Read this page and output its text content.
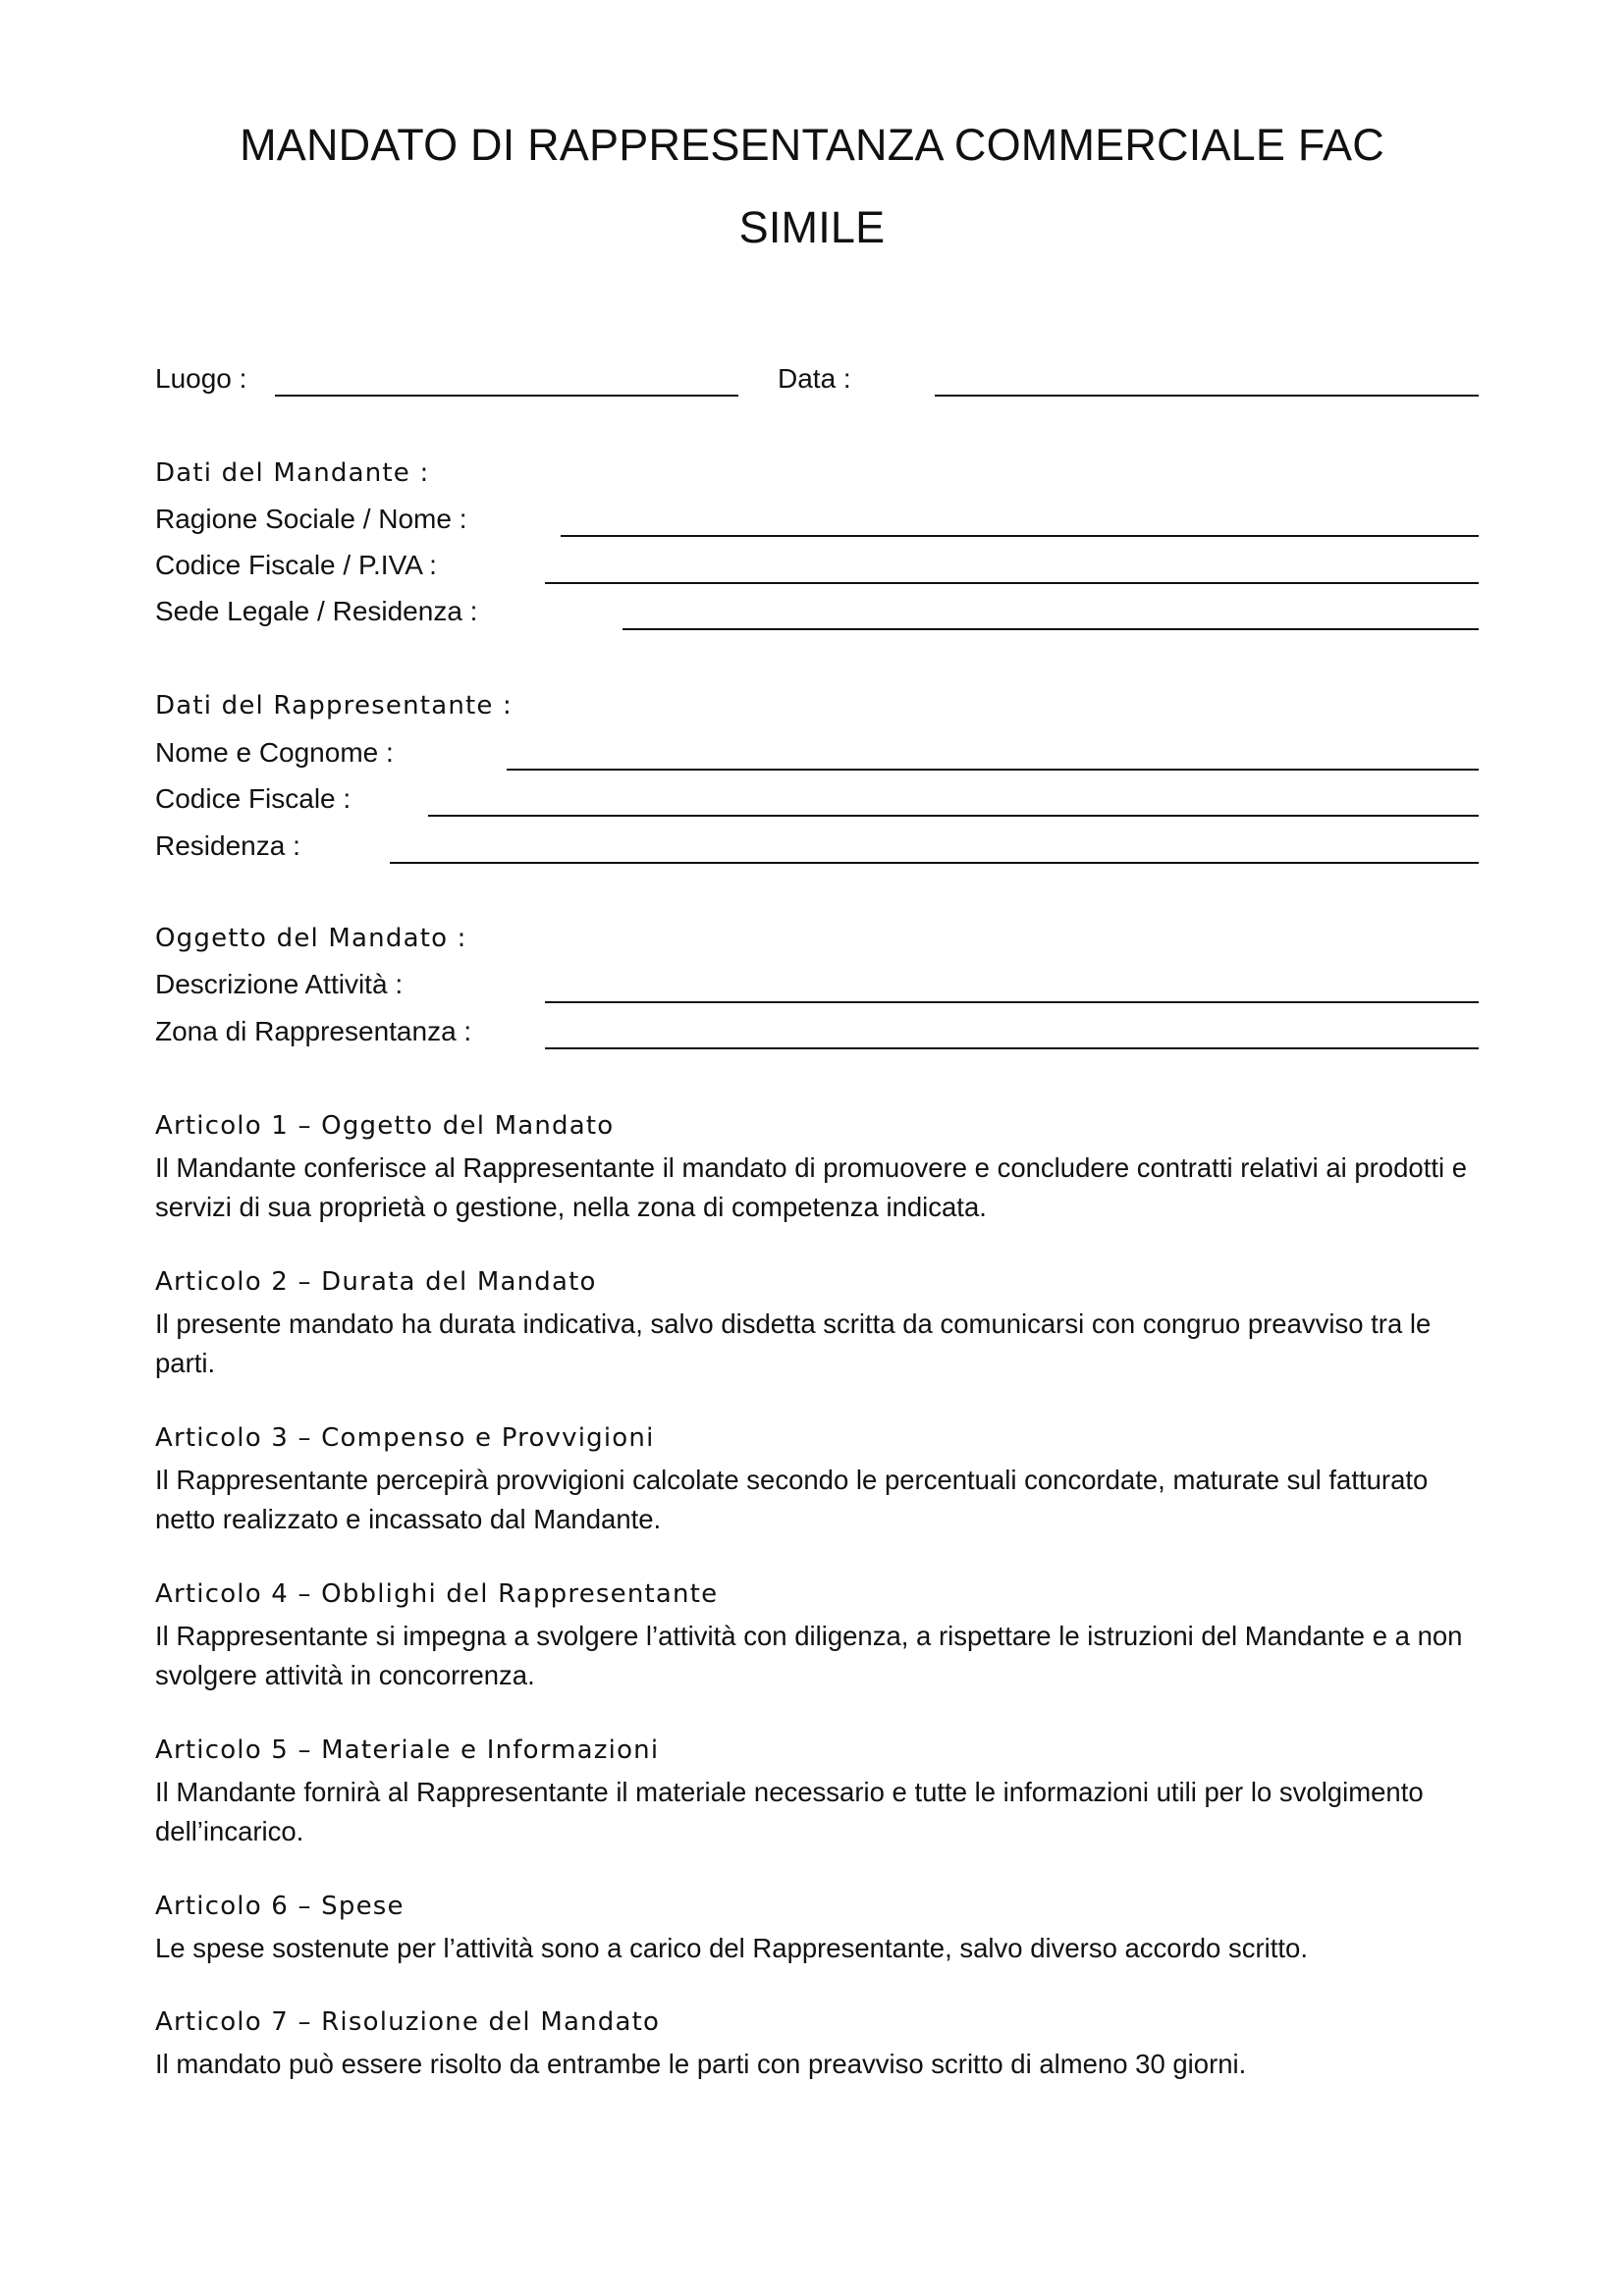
MANDATO DI RAPPRESENTANZA COMMERCIALE FAC
SIMILE
Luogo :	Data :
Dati del Mandante :
Ragione Sociale / Nome :
Codice Fiscale / P.IVA :
Sede Legale / Residenza :
Dati del Rappresentante :
Nome e Cognome :
Codice Fiscale :
Residenza :
Oggetto del Mandato :
Descrizione Attività :
Zona di Rappresentanza :

Articolo 1 – Oggetto del Mandato

Il Mandante conferisce al Rappresentante il mandato di promuovere e concludere contratti relativi ai prodotti e servizi di sua proprietà o gestione, nella zona di competenza indicata.

Articolo 2 – Durata del Mandato

Il presente mandato ha durata indicativa, salvo disdetta scritta da comunicarsi con congruo preavviso tra le parti.

Articolo 3 – Compenso e Provvigioni

Il Rappresentante percepirà provvigioni calcolate secondo le percentuali concordate, maturate sul fatturato netto realizzato e incassato dal Mandante.

Articolo 4 – Obblighi del Rappresentante

Il Rappresentante si impegna a svolgere l’attività con diligenza, a rispettare le istruzioni del Mandante e a non svolgere attività in concorrenza.

Articolo 5 – Materiale e Informazioni

Il Mandante fornirà al Rappresentante il materiale necessario e tutte le informazioni utili per lo svolgimento dell’incarico.

Articolo 6 – Spese

Le spese sostenute per l’attività sono a carico del Rappresentante, salvo diverso accordo scritto.

Articolo 7 – Risoluzione del Mandato

Il mandato può essere risolto da entrambe le parti con preavviso scritto di almeno 30 giorni.
